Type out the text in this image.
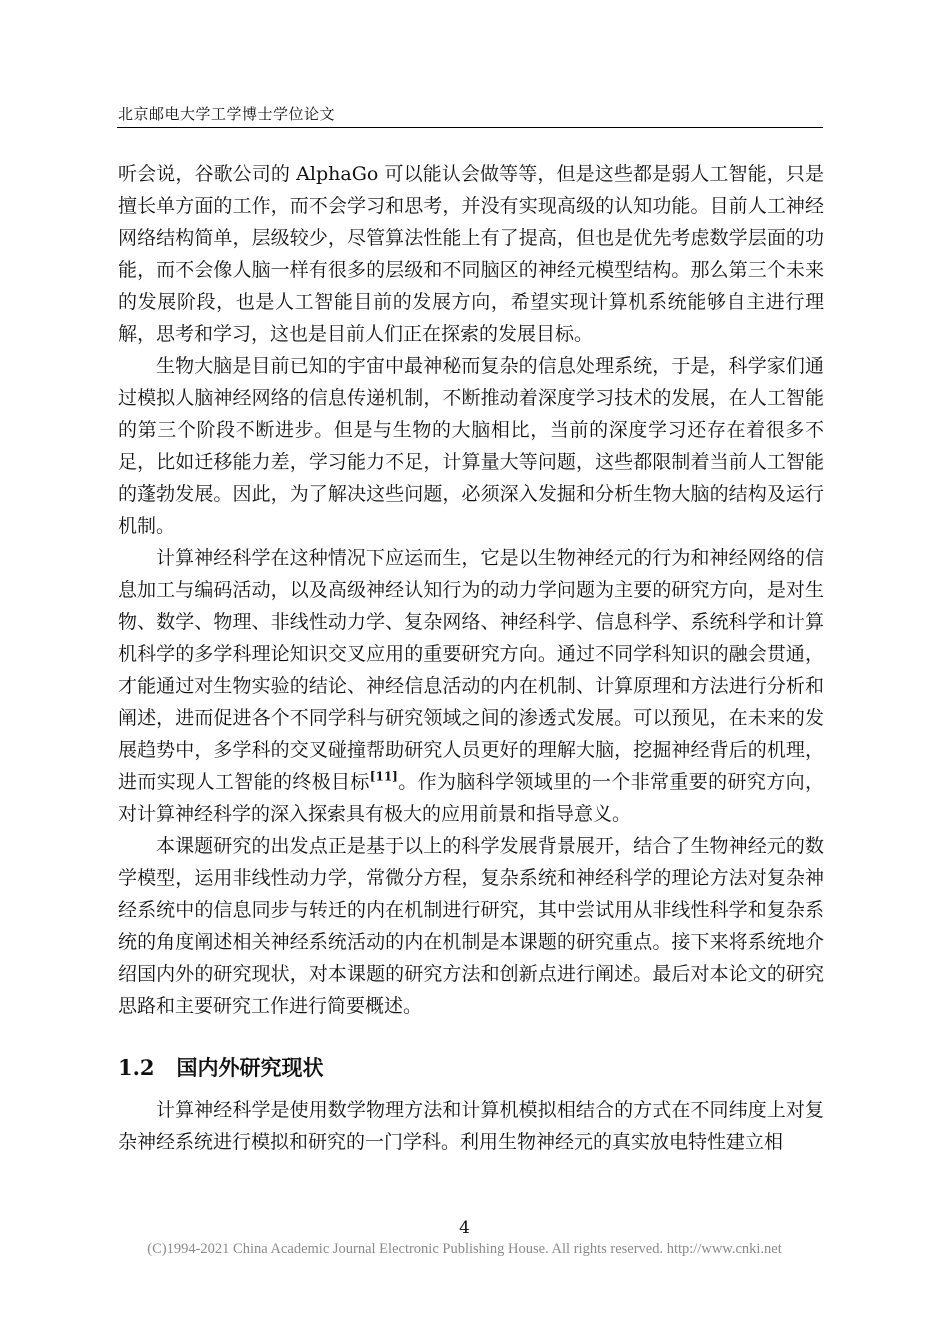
北京邮电大学工学博士学位论文

听会说，谷歌公司的 AlphaGo 可以能认会做等等，但是这些都是弱人工智能，只是擅长单方面的工作，而不会学习和思考，并没有实现高级的认知功能。目前人工神经网络结构简单，层级较少，尽管算法性能上有了提高，但也是优先考虑数学层面的功能，而不会像人脑一样有很多的层级和不同脑区的神经元模型结构。那么第三个未来的发展阶段，也是人工智能目前的发展方向，希望实现计算机系统能够自主进行理解，思考和学习，这也是目前人们正在探索的发展目标。

生物大脑是目前已知的宇宙中最神秘而复杂的信息处理系统，于是，科学家们通过模拟人脑神经网络的信息传递机制，不断推动着深度学习技术的发展，在人工智能的第三个阶段不断进步。但是与生物的大脑相比，当前的深度学习还存在着很多不足，比如迁移能力差，学习能力不足，计算量大等问题，这些都限制着当前人工智能的蓬勃发展。因此，为了解决这些问题，必须深入发掘和分析生物大脑的结构及运行机制。

计算神经科学在这种情况下应运而生，它是以生物神经元的行为和神经网络的信息加工与编码活动，以及高级神经认知行为的动力学问题为主要的研究方向，是对生物、数学、物理、非线性动力学、复杂网络、神经科学、信息科学、系统科学和计算机科学的多学科理论知识交叉应用的重要研究方向。通过不同学科知识的融会贯通，才能通过对生物实验的结论、神经信息活动的内在机制、计算原理和方法进行分析和阐述，进而促进各个不同学科与研究领域之间的渗透式发展。可以预见，在未来的发展趋势中，多学科的交叉碰撞帮助研究人员更好的理解大脑，挖掘神经背后的机理，进而实现人工智能的终极目标[11]。作为脑科学领域里的一个非常重要的研究方向，对计算神经科学的深入探索具有极大的应用前景和指导意义。

本课题研究的出发点正是基于以上的科学发展背景展开，结合了生物神经元的数学模型，运用非线性动力学，常微分方程，复杂系统和神经科学的理论方法对复杂神经系统中的信息同步与转迁的内在机制进行研究，其中尝试用从非线性科学和复杂系统的角度阐述相关神经系统活动的内在机制是本课题的研究重点。接下来将系统地介绍国内外的研究现状，对本课题的研究方法和创新点进行阐述。最后对本论文的研究思路和主要研究工作进行简要概述。

1.2 国内外研究现状

计算神经科学是使用数学物理方法和计算机模拟相结合的方式在不同纬度上对复杂神经系统进行模拟和研究的一门学科。利用生物神经元的真实放电特性建立相

4
(C)1994-2021 China Academic Journal Electronic Publishing House. All rights reserved. http://www.cnki.net
